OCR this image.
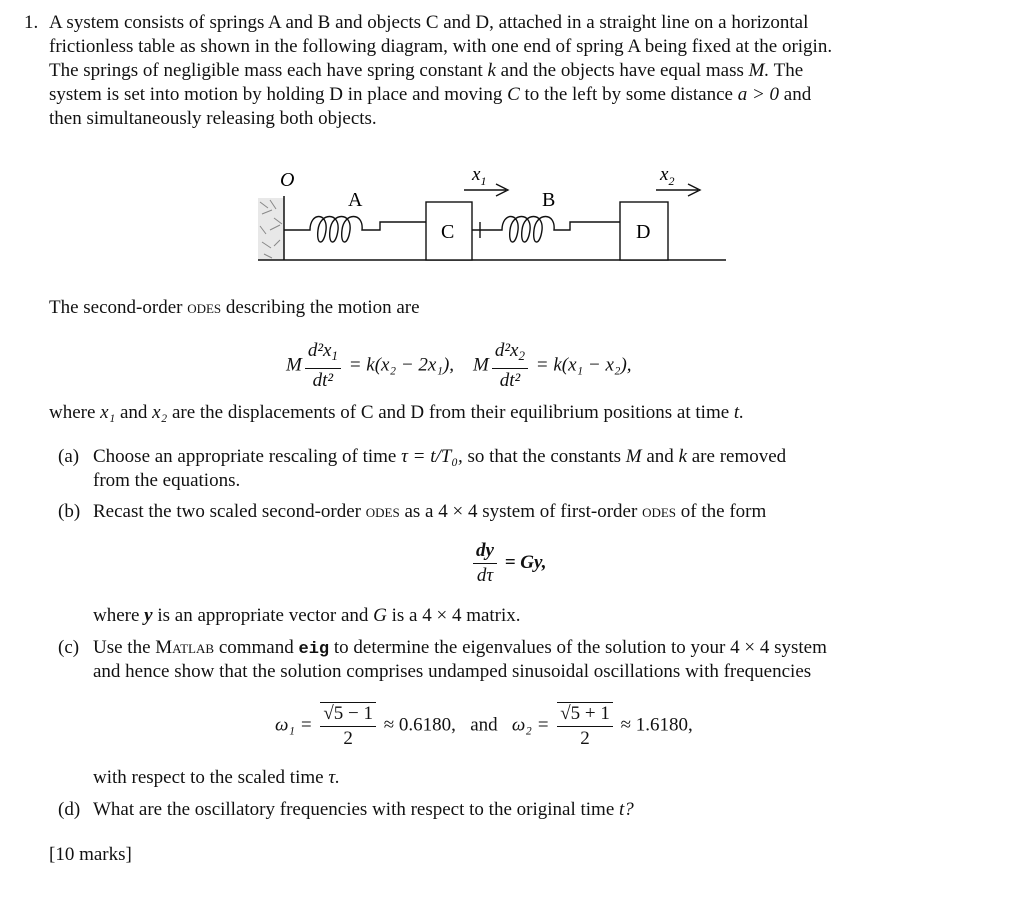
1. A system consists of springs A and B and objects C and D, attached in a straight line on a horizontal
frictionless table as shown in the following diagram, with one end of spring A being fixed at the origin.
The springs of negligible mass each have spring constant k and the objects have equal mass M. The
system is set into motion by holding D in place and moving C to the left by some distance a > 0 and
then simultaneously releasing both objects.
O
A
C
B
D
$x_1$	$x_2$
The second-order odes describing the motion are
M $\frac{d^2x_1}{\text{dt²}} = k(x_2 - 2x_1)$, M $\frac{d^2x_2}{\text{dt²}} = k(x_1 - x_2)$,
where x₁ and x₂ are the displacements of C and D from their equilibrium positions at time t.
(a) Choose an appropriate rescaling of time τ = t/T₀, so that the constants M and k are removed
from the equations.
(b) Recast the two scaled second-order odes as a 4 × 4 system of first-order odes of the form
$\frac{dy}{d\tau} = Gy$,
where y is an appropriate vector and G is a 4 × 4 matrix.
(c) Use the Matlab command eig to determine the eigenvalues of the solution to your 4 × 4 system
and hence show that the solution comprises undamped sinusoidal oscillations with frequencies
$\omega_1 = \frac{√5 - 1}{2} \approx 0.6180$, and $\omega_2 = \frac{√5 + 1}{2} \approx 1.6180$,
with respect to the scaled time τ.
(d) What are the oscillatory frequencies with respect to the original time t?
[10 marks]
